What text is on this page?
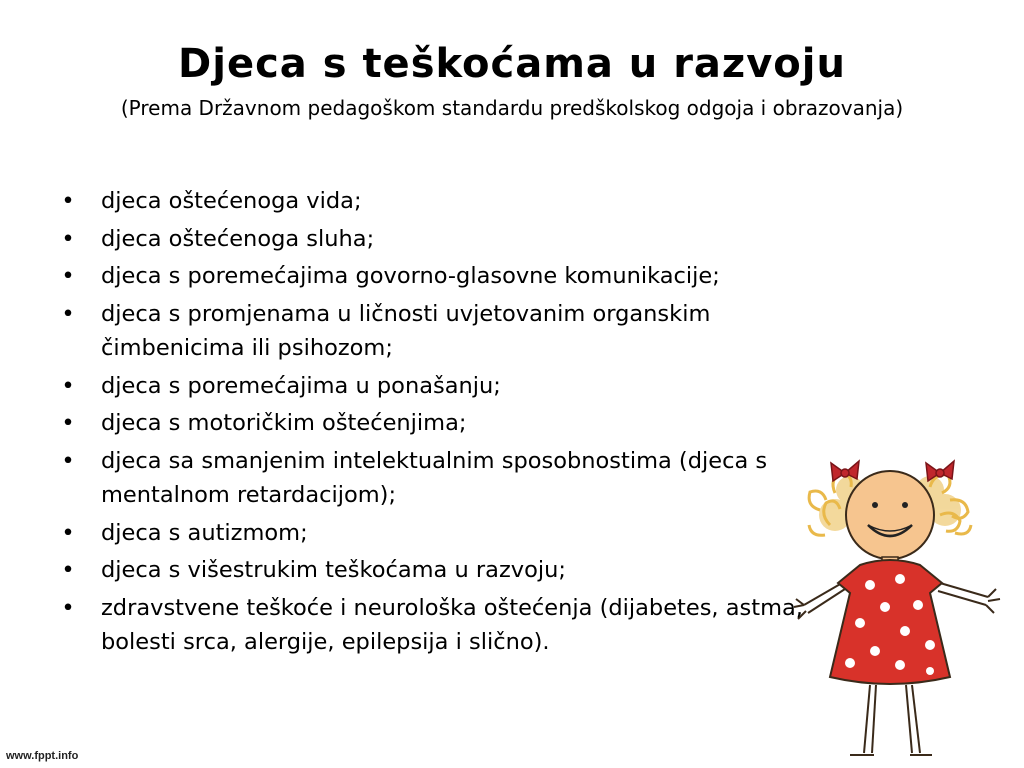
Djeca s teškoćama u razvoju

(Prema Državnom pedagoškom standardu predškolskog odgoja i obrazovanja)

• djeca oštećenoga vida;
• djeca oštećenoga sluha;
• djeca s poremećajima govorno-glasovne komunikacije;
• djeca s promjenama u ličnosti uvjetovanim organskim
čimbenicima ili psihozom;
• djeca s poremećajima u ponašanju;
• djeca s motoričkim oštećenjima;
• djeca sa smanjenim intelektualnim sposobnostima (djeca s
mentalnom retardacijom);
• djeca s autizmom;
• djeca s višestrukim teškoćama u razvoju;
• zdravstvene teškoće i neurološka oštećenja (dijabetes, astma,
bolesti srca, alergije, epilepsija i slično).
www.fppt.info
